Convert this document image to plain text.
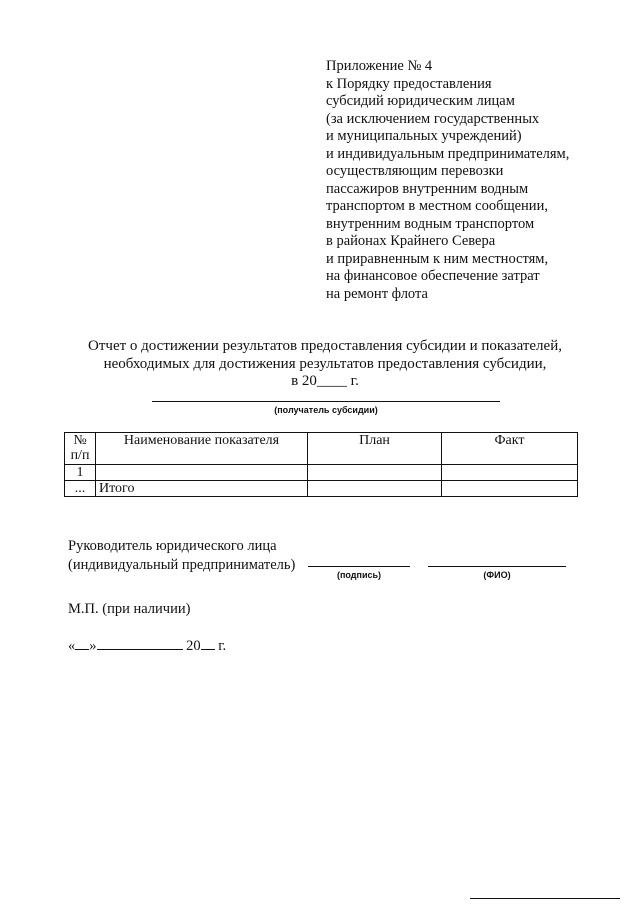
Приложение № 4
к Порядку предоставления
субсидий юридическим лицам
(за исключением государственных
и муниципальных учреждений)
и индивидуальным предпринимателям,
осуществляющим перевозки
пассажиров внутренним водным
транспортом в местном сообщении,
внутренним водным транспортом
в районах Крайнего Севера
и приравненным к ним местностям,
на финансовое обеспечение затрат
на ремонт флота
Отчет о достижении результатов предоставления субсидии и показателей,
необходимых для достижения результатов предоставления субсидии,
в 20____ г.
(получатель субсидии)
№ п/п	Наименование показателя	План	Факт
1			
...	Итого		
Руководитель юридического лица
(индивидуальный предприниматель)
(подпись)	(ФИО)
М.П. (при наличии)
« »	20 г.
